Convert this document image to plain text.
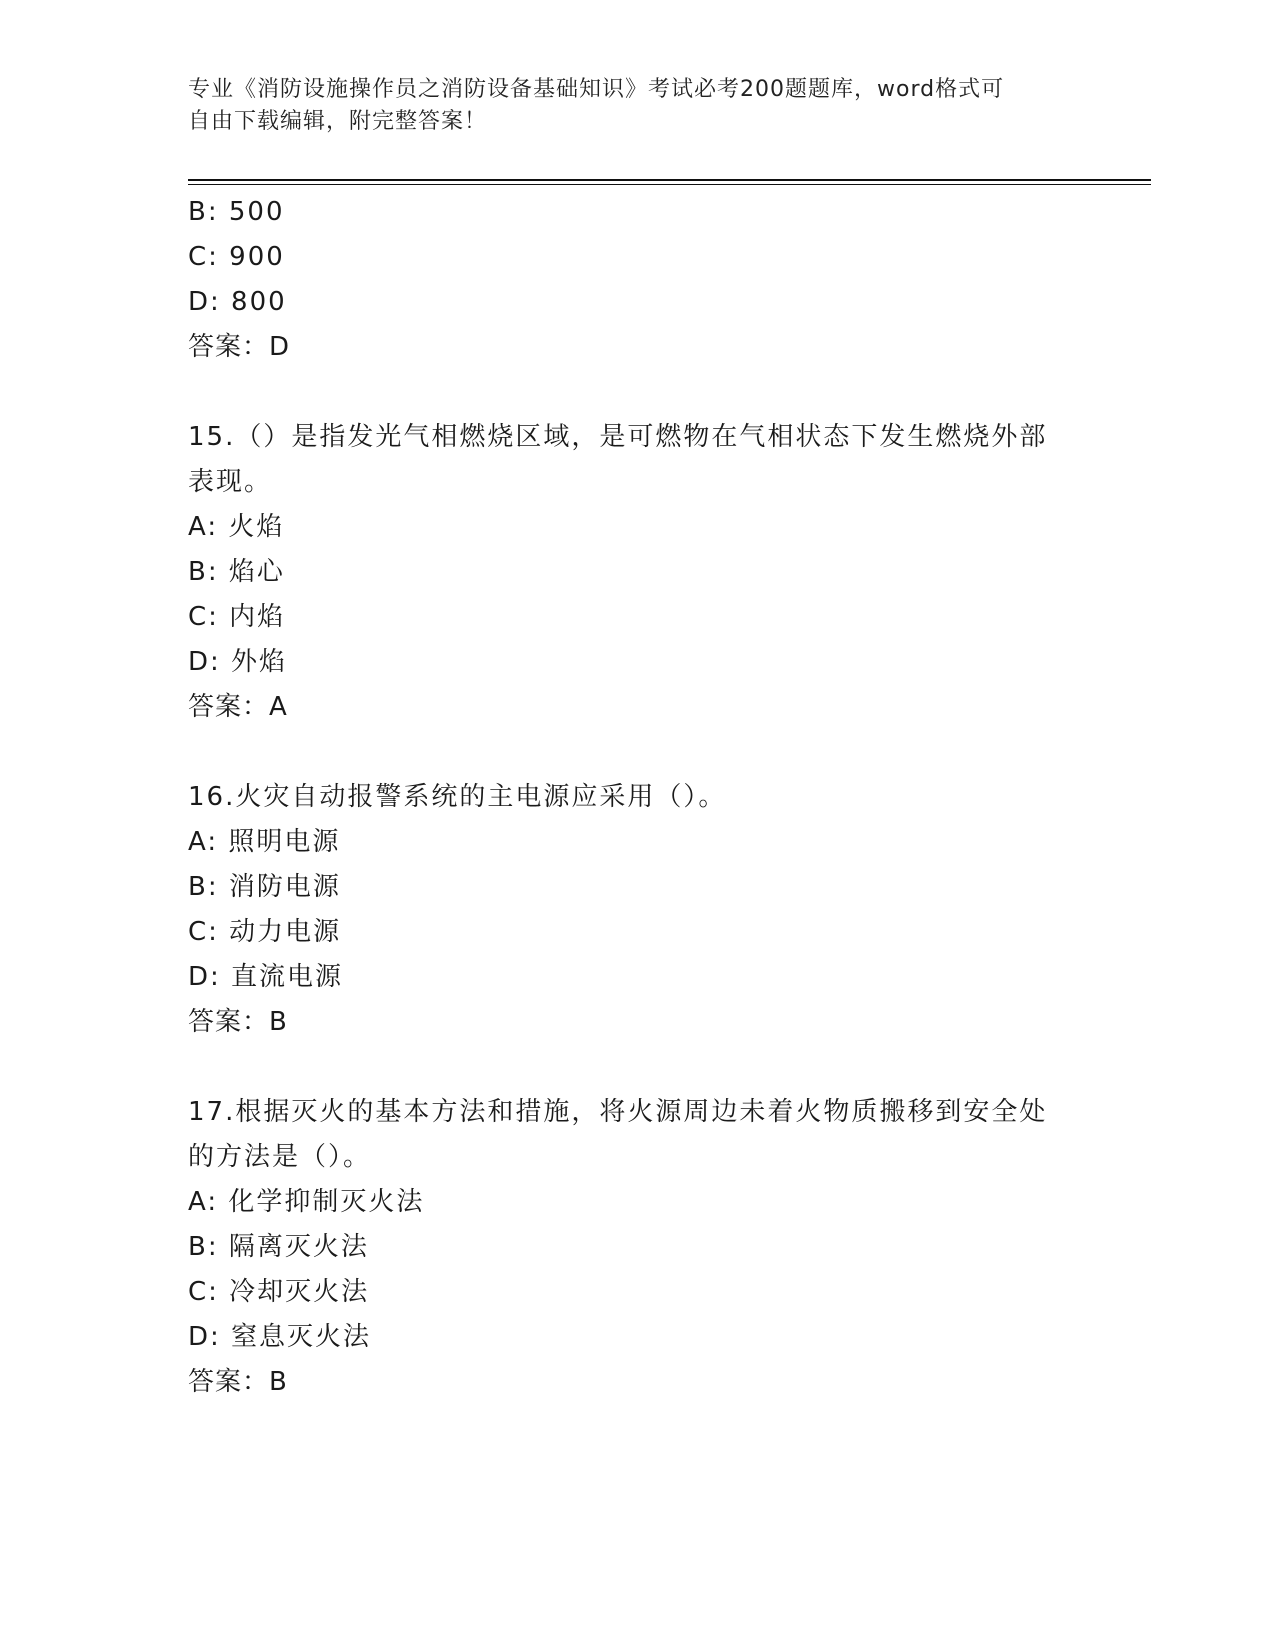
专业《消防设施操作员之消防设备基础知识》考试必考200题题库，word格式可
自由下载编辑，附完整答案！
B: 500
C: 900
D: 800
答案：D
15.（）是指发光气相燃烧区域，是可燃物在气相状态下发生燃烧外部
表现。
A: 火焰
B: 焰心
C: 内焰
D: 外焰
答案：A
16.火灾自动报警系统的主电源应采用（）。
A: 照明电源
B: 消防电源
C: 动力电源
D: 直流电源
答案：B
17.根据灭火的基本方法和措施，将火源周边未着火物质搬移到安全处
的方法是（）。
A: 化学抑制灭火法
B: 隔离灭火法
C: 冷却灭火法
D: 窒息灭火法
答案：B
